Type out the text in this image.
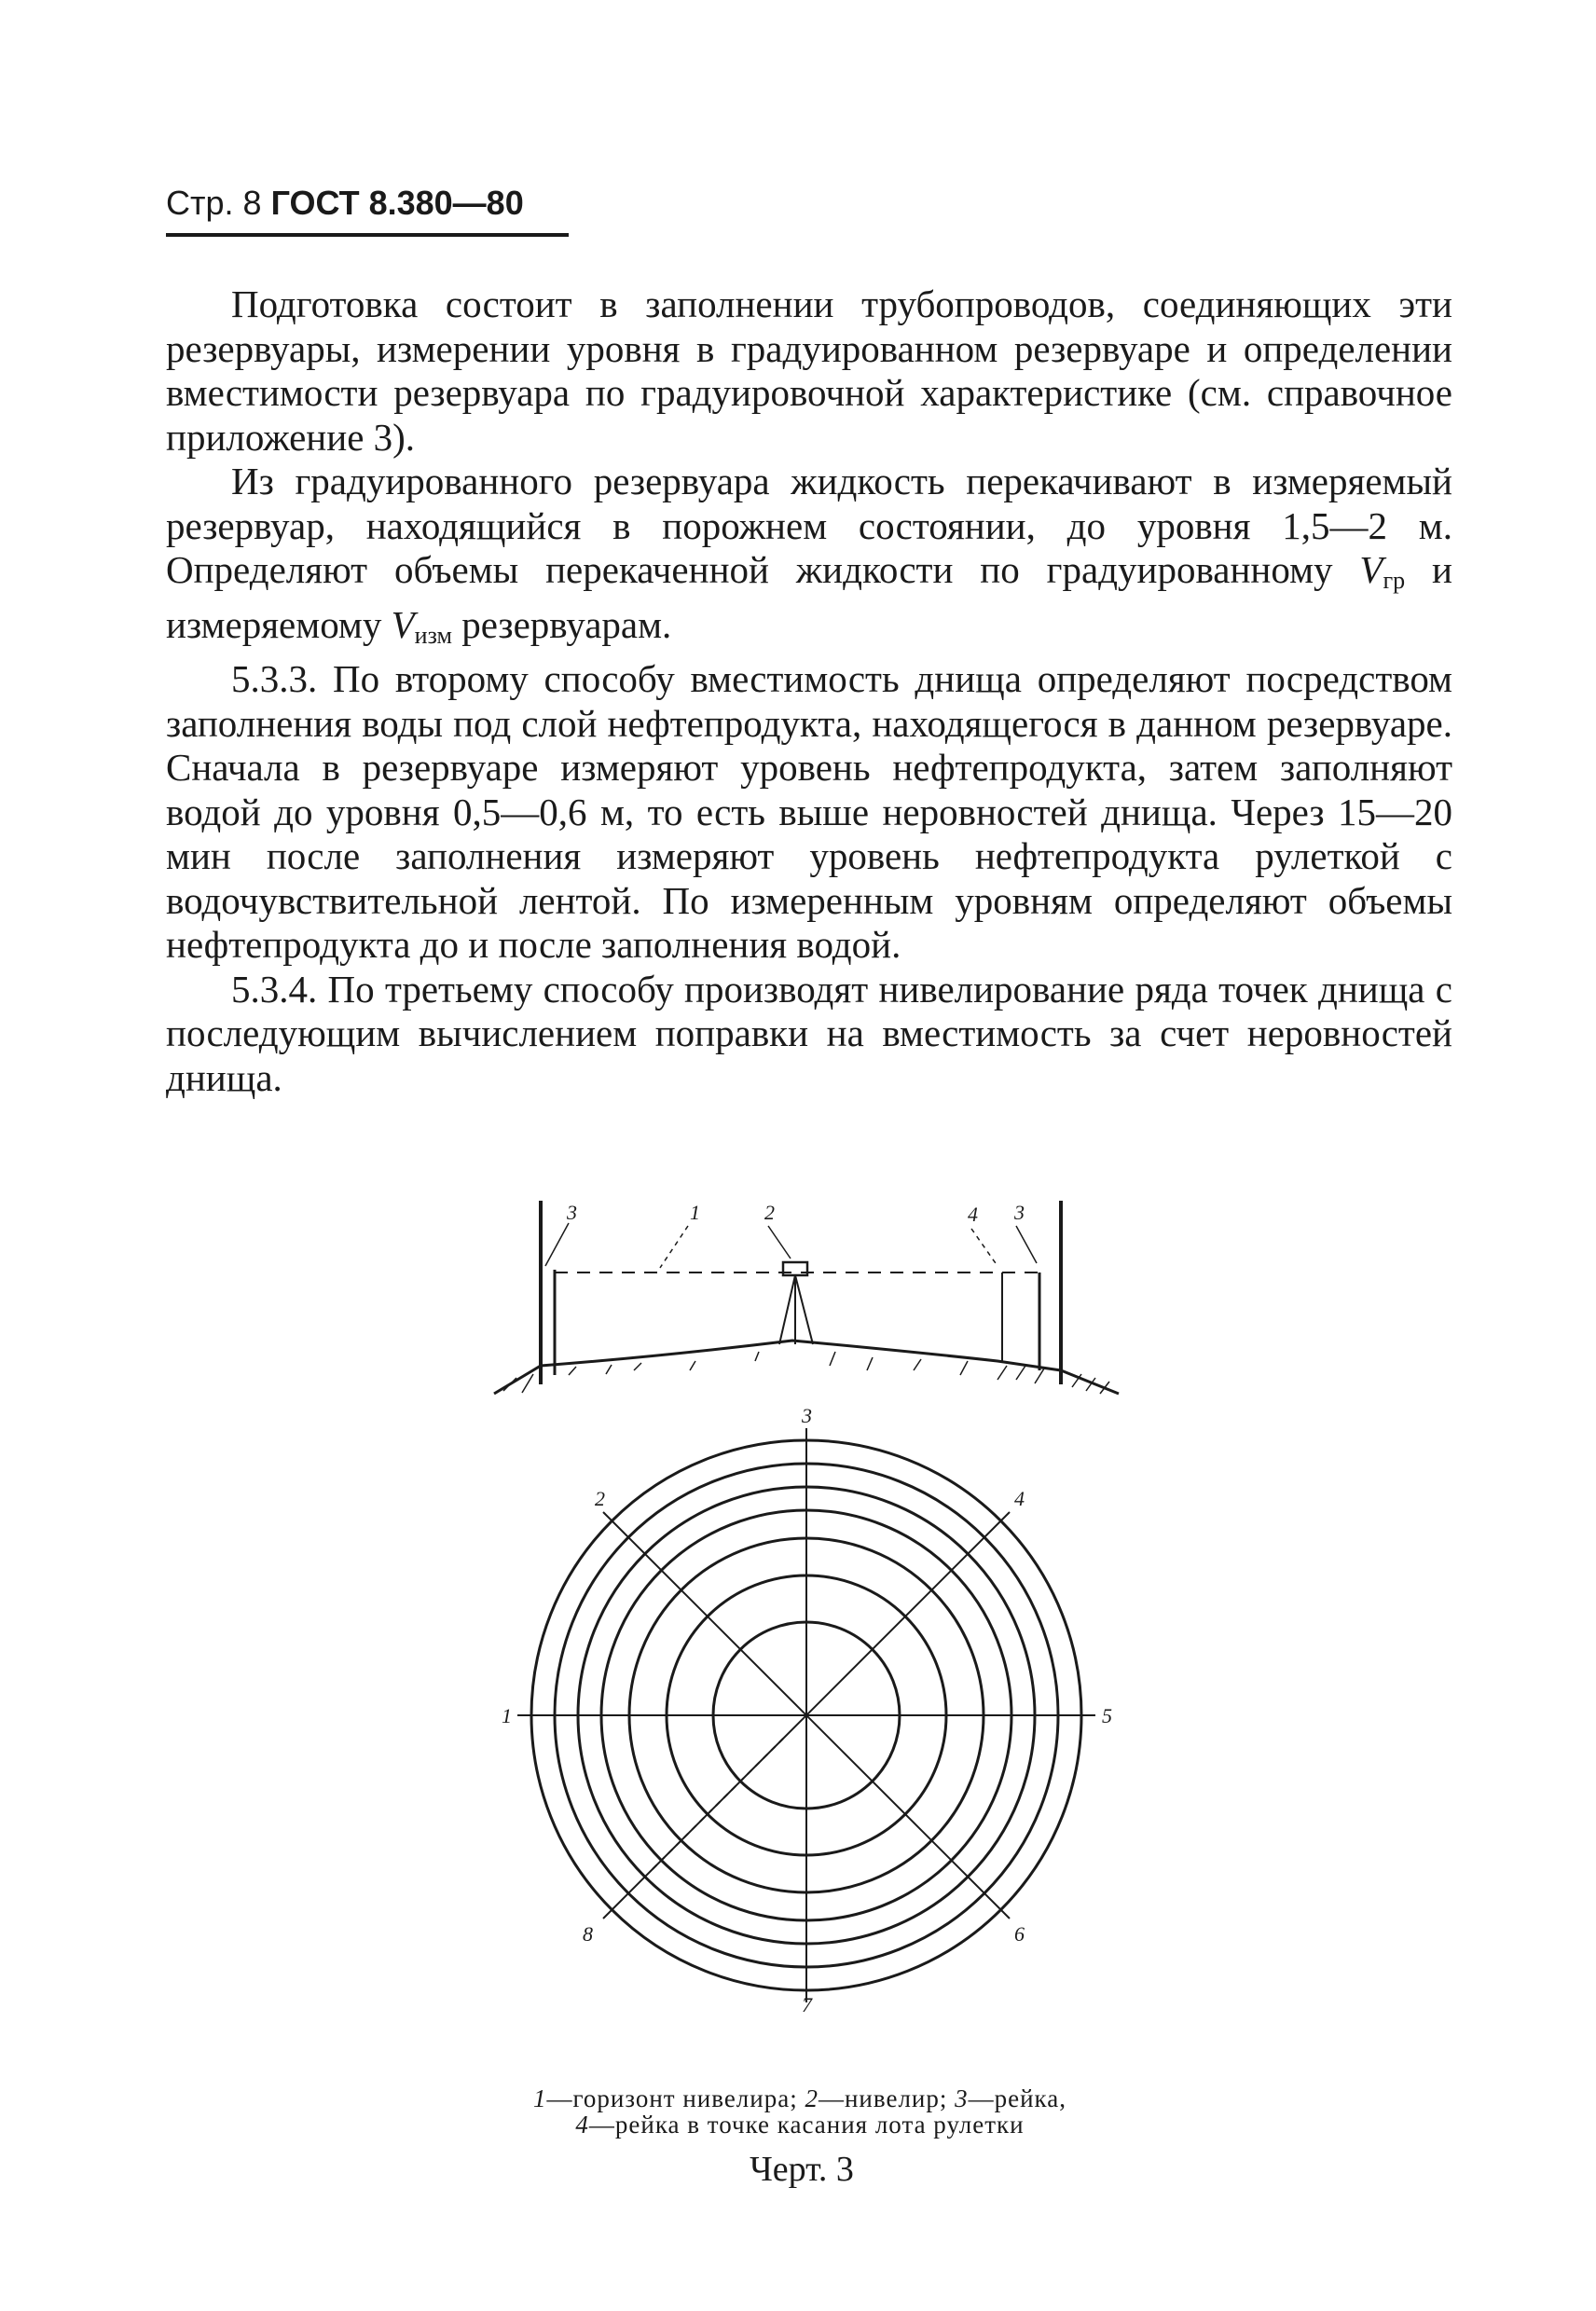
Стр. 8 ГОСТ 8.380—80

Подготовка состоит в заполнении трубопроводов, соединяющих эти резервуары, измерении уровня в градуированном резервуаре и определении вместимости резервуара по градуировочной характеристике (см. справочное приложение 3).

Из градуированного резервуара жидкость перекачивают в измеряемый резервуар, находящийся в порожнем состоянии, до уровня 1,5—2 м. Определяют объемы перекаченной жидкости по градуированному $V_{гр}$ и измеряемому $V_{изм}$ резервуарам.

5.3.3. По второму способу вместимость днища определяют посредством заполнения воды под слой нефтепродукта, находящегося в данном резервуаре. Сначала в резервуаре измеряют уровень нефтепродукта, затем заполняют водой до уровня 0,5—0,6 м, то есть выше неровностей днища. Через 15—20 мин после заполнения измеряют уровень нефтепродукта рулеткой с водочувствительной лентой. По измеренным уровням определяют объемы нефтепродукта до и после заполнения водой.

5.3.4. По третьему способу производят нивелирование ряда точек днища с последующим вычислением поправки на вместимость за счет неровностей днища.

3	1	2	4 3
3
2	4
1	5
8	6
7
1—горизонт нивелира; 2—нивелир; 3—рейка,
4—рейка в точке касания лота рулетки
Черт. 3
